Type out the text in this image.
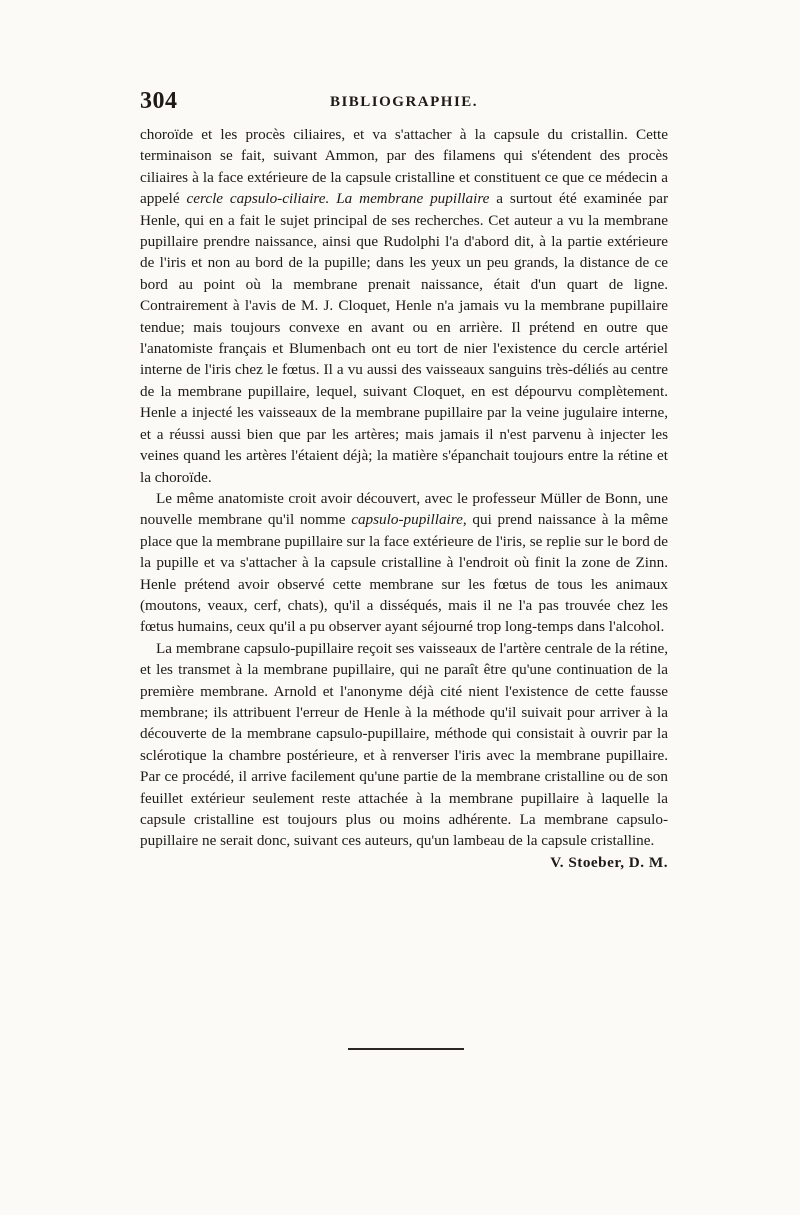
304	BIBLIOGRAPHIE.

choroïde et les procès ciliaires, et va s'attacher à la capsule du cristallin. Cette terminaison se fait, suivant Ammon, par des filamens qui s'étendent des procès ciliaires à la face extérieure de la capsule cristalline et constituent ce que ce médecin a appelé cercle capsulo-ciliaire. La membrane pupillaire a surtout été examinée par Henle, qui en a fait le sujet principal de ses recherches. Cet auteur a vu la membrane pupillaire prendre naissance, ainsi que Rudolphi l'a d'abord dit, à la partie extérieure de l'iris et non au bord de la pupille; dans les yeux un peu grands, la distance de ce bord au point où la membrane prenait naissance, était d'un quart de ligne. Contrairement à l'avis de M. J. Cloquet, Henle n'a jamais vu la membrane pupillaire tendue; mais toujours convexe en avant ou en arrière. Il prétend en outre que l'anatomiste français et Blumenbach ont eu tort de nier l'existence du cercle artériel interne de l'iris chez le fœtus. Il a vu aussi des vaisseaux sanguins très-déliés au centre de la membrane pupillaire, lequel, suivant Cloquet, en est dépourvu complètement. Henle a injecté les vaisseaux de la membrane pupillaire par la veine jugulaire interne, et a réussi aussi bien que par les artères; mais jamais il n'est parvenu à injecter les veines quand les artères l'étaient déjà; la matière s'épanchait toujours entre la rétine et la choroïde.

Le même anatomiste croit avoir découvert, avec le professeur Müller de Bonn, une nouvelle membrane qu'il nomme capsulo-pupillaire, qui prend naissance à la même place que la membrane pupillaire sur la face extérieure de l'iris, se replie sur le bord de la pupille et va s'attacher à la capsule cristalline à l'endroit où finit la zone de Zinn. Henle prétend avoir observé cette membrane sur les fœtus de tous les animaux (moutons, veaux, cerf, chats), qu'il a disséqués, mais il ne l'a pas trouvée chez les fœtus humains, ceux qu'il a pu observer ayant séjourné trop long-temps dans l'alcohol.

La membrane capsulo-pupillaire reçoit ses vaisseaux de l'artère centrale de la rétine, et les transmet à la membrane pupillaire, qui ne paraît être qu'une continuation de la première membrane. Arnold et l'anonyme déjà cité nient l'existence de cette fausse membrane; ils attribuent l'erreur de Henle à la méthode qu'il suivait pour arriver à la découverte de la membrane capsulo-pupillaire, méthode qui consistait à ouvrir par la sclérotique la chambre postérieure, et à renverser l'iris avec la membrane pupillaire. Par ce procédé, il arrive facilement qu'une partie de la membrane cristalline ou de son feuillet extérieur seulement reste attachée à la membrane pupillaire à laquelle la capsule cristalline est toujours plus ou moins adhérente. La membrane capsulo-pupillaire ne serait donc, suivant ces auteurs, qu'un lambeau de la capsule cristalline.

V. Stoeber, D. M.
